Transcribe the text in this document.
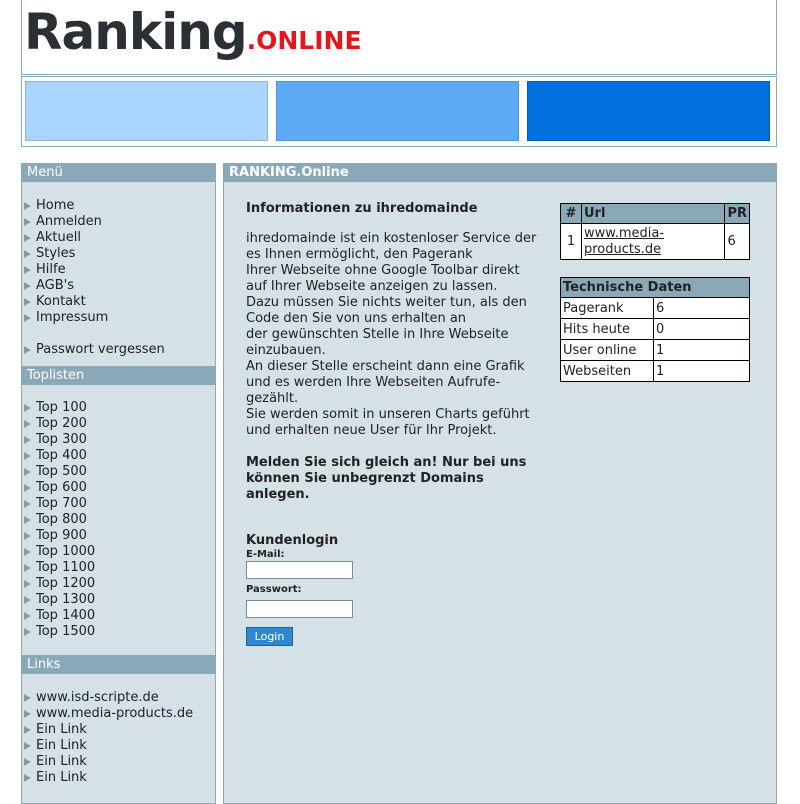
Ranking.ONLINE
Menü
Home
Anmelden
Aktuell
Styles
Hilfe
AGB's
Kontakt
Impressum
Passwort vergessen
Toplisten
Top 100
Top 200
Top 300
Top 400
Top 500
Top 600
Top 700
Top 800
Top 900
Top 1000
Top 1100
Top 1200
Top 1300
Top 1400
Top 1500
Links
www.isd-scripte.de
www.media-products.de
Ein Link
Ein Link
Ein Link
Ein Link
RANKING.Online

Informationen zu ihredomainde

ihredomainde ist ein kostenloser Service der

es Ihnen ermöglicht, den Pagerank

Ihrer Webseite ohne Google Toolbar direkt

auf Ihrer Webseite anzeigen zu lassen.

Dazu müssen Sie nichts weiter tun, als den

Code den Sie von uns erhalten an

der gewünschten Stelle in Ihre Webseite

einzubauen.

An dieser Stelle erscheint dann eine Grafik

und es werden Ihre Webseiten Aufrufe-

gezählt.

Sie werden somit in unseren Charts geführt

und erhalten neue User für Ihr Projekt.

Melden Sie sich gleich an! Nur bei uns

können Sie unbegrenzt Domains

anlegen.

Kundenlogin

E-Mail:
Passwort:
Login
#	Url	PR
1	www.media-
products.de	6
Technische Daten	
Pagerank	6
Hits heute	0
User online	1
Webseiten	1
